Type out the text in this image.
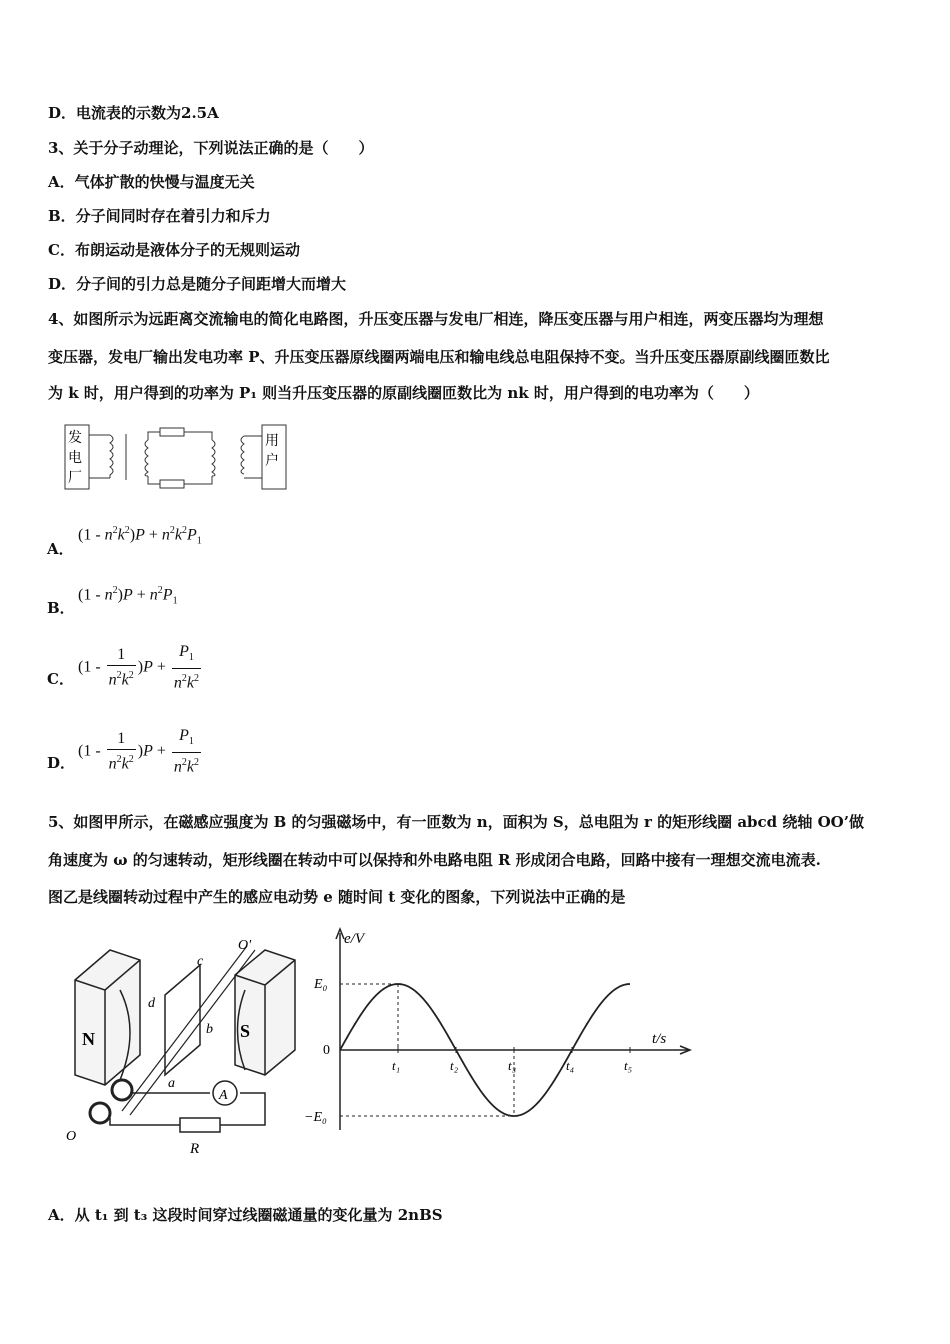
D．电流表的示数为2.5A
3、关于分子动理论，下列说法正确的是（　　）
A．气体扩散的快慢与温度无关
B．分子间同时存在着引力和斥力
C．布朗运动是液体分子的无规则运动
D．分子间的引力总是随分子间距增大而增大
4、如图所示为远距离交流输电的简化电路图，升压变压器与发电厂相连，降压变压器与用户相连，两变压器均为理想
变压器，发电厂输出发电功率 P、升压变压器原线圈两端电压和输电线总电阻保持不变。当升压变压器原副线圈匝数比
为 k 时，用户得到的功率为 P₁ 则当升压变压器的原副线圈匝数比为 nk 时，用户得到的电功率为（　　）
发
电
厂
用
户
A．
$(1 - n^2k^2)P + n^2k^2P_1$
B．
$(1 - n^2)P + n^2P_1$
C．
$(1 - \frac{1}{n^2k^2} )P + \frac{P_1}{n^2k^2}$
D．
$(1 - \frac{1}{n^2k^2} )P + \frac{P_1}{n^2k^2}$
5、如图甲所示，在磁感应强度为 B 的匀强磁场中，有一匝数为 n，面积为 S，总电阻为 r 的矩形线圈 abcd 绕轴 OO’做
角速度为 ω 的匀速转动，矩形线圈在转动中可以保持和外电路电阻 R 形成闭合电路，回路中接有一理想交流电流表.
图乙是线圈转动过程中产生的感应电动势 e 随时间 t 变化的图象，下列说法中正确的是
N	S
A
R
a
b
c
d
O'
O
e/V
t/s
0
E₀
−E₀
t₁	t₂	t₃	t₄	t₅
A．从 t₁ 到 t₃ 这段时间穿过线圈磁通量的变化量为 2nBS
